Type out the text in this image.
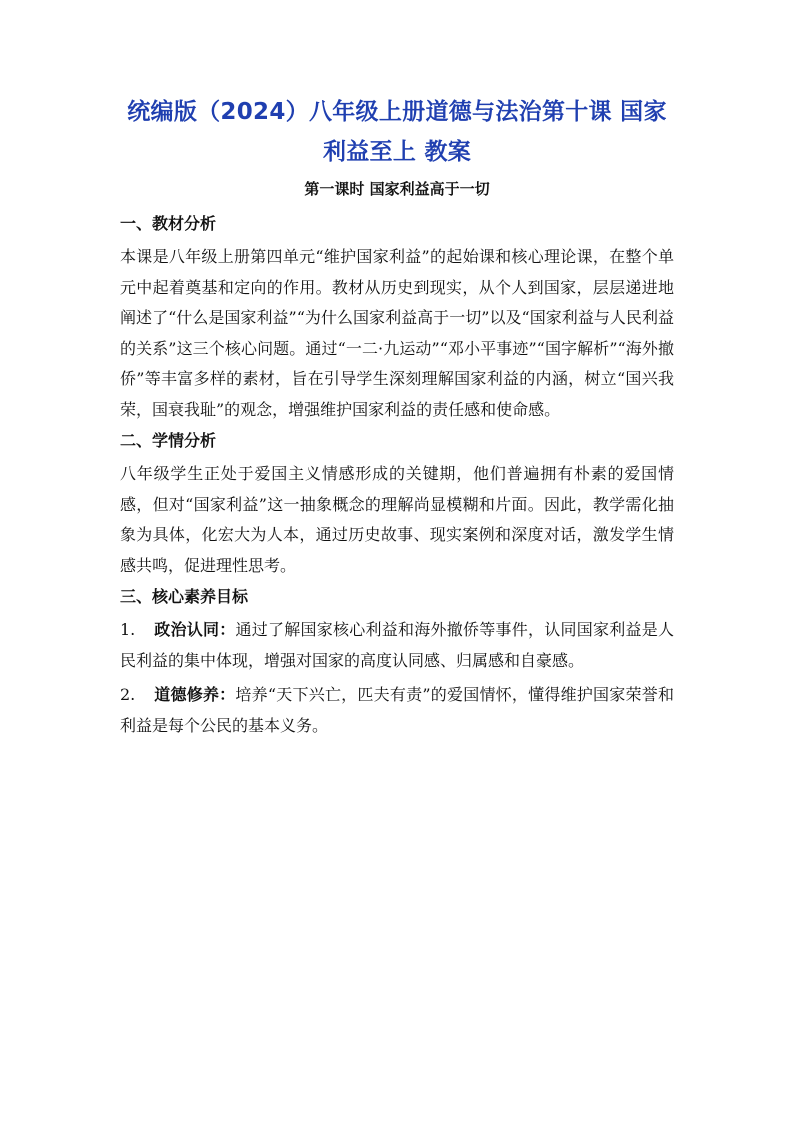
统编版（2024）八年级上册道德与法治第十课 国家利益至上 教案
第一课时 国家利益高于一切
一、教材分析

本课是八年级上册第四单元“维护国家利益”的起始课和核心理论课，在整个单元中起着奠基和定向的作用。教材从历史到现实，从个人到国家，层层递进地阐述了“什么是国家利益”“为什么国家利益高于一切”以及“国家利益与人民利益的关系”这三个核心问题。通过“一二·九运动”“邓小平事迹”“国字解析”“海外撤侨”等丰富多样的素材，旨在引导学生深刻理解国家利益的内涵，树立“国兴我荣，国衰我耻”的观念，增强维护国家利益的责任感和使命感。

二、学情分析

八年级学生正处于爱国主义情感形成的关键期，他们普遍拥有朴素的爱国情感，但对“国家利益”这一抽象概念的理解尚显模糊和片面。因此，教学需化抽象为具体，化宏大为人本，通过历史故事、现实案例和深度对话，激发学生情感共鸣，促进理性思考。

三、核心素养目标

1. 政治认同：通过了解国家核心利益和海外撤侨等事件，认同国家利益是人民利益的集中体现，增强对国家的高度认同感、归属感和自豪感。

2. 道德修养：培养“天下兴亡，匹夫有责”的爱国情怀，懂得维护国家荣誉和利益是每个公民的基本义务。
